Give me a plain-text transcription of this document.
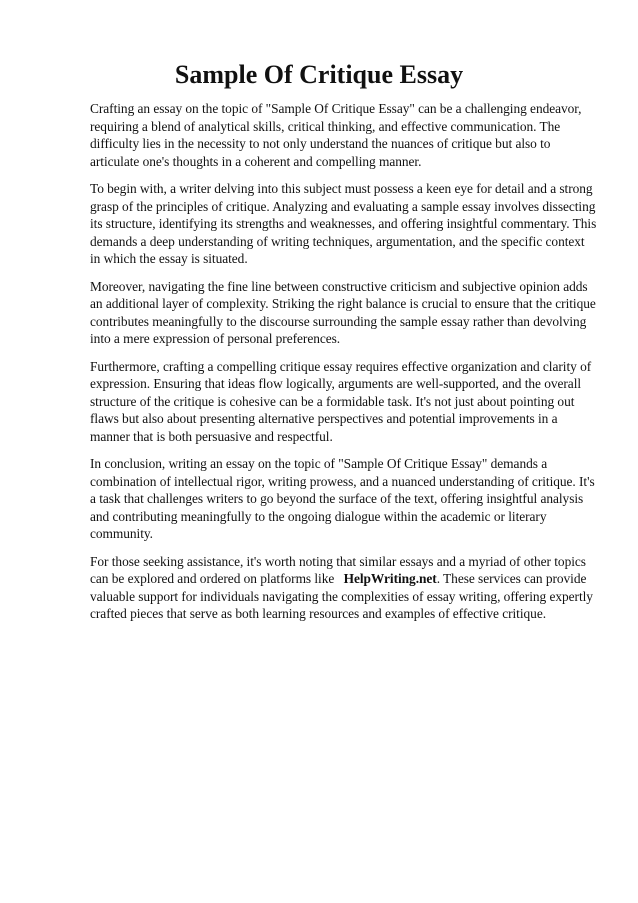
Sample Of Critique Essay

Crafting an essay on the topic of "Sample Of Critique Essay" can be a challenging endeavor, requiring a blend of analytical skills, critical thinking, and effective communication. The difficulty lies in the necessity to not only understand the nuances of critique but also to articulate one's thoughts in a coherent and compelling manner.

To begin with, a writer delving into this subject must possess a keen eye for detail and a strong grasp of the principles of critique. Analyzing and evaluating a sample essay involves dissecting its structure, identifying its strengths and weaknesses, and offering insightful commentary. This demands a deep understanding of writing techniques, argumentation, and the specific context in which the essay is situated.

Moreover, navigating the fine line between constructive criticism and subjective opinion adds an additional layer of complexity. Striking the right balance is crucial to ensure that the critique contributes meaningfully to the discourse surrounding the sample essay rather than devolving into a mere expression of personal preferences.

Furthermore, crafting a compelling critique essay requires effective organization and clarity of expression. Ensuring that ideas flow logically, arguments are well-supported, and the overall structure of the critique is cohesive can be a formidable task. It's not just about pointing out flaws but also about presenting alternative perspectives and potential improvements in a manner that is both persuasive and respectful.

In conclusion, writing an essay on the topic of "Sample Of Critique Essay" demands a combination of intellectual rigor, writing prowess, and a nuanced understanding of critique. It's a task that challenges writers to go beyond the surface of the text, offering insightful analysis and contributing meaningfully to the ongoing dialogue within the academic or literary community.

For those seeking assistance, it's worth noting that similar essays and a myriad of other topics can be explored and ordered on platforms like HelpWriting.net. These services can provide valuable support for individuals navigating the complexities of essay writing, offering expertly crafted pieces that serve as both learning resources and examples of effective critique.
